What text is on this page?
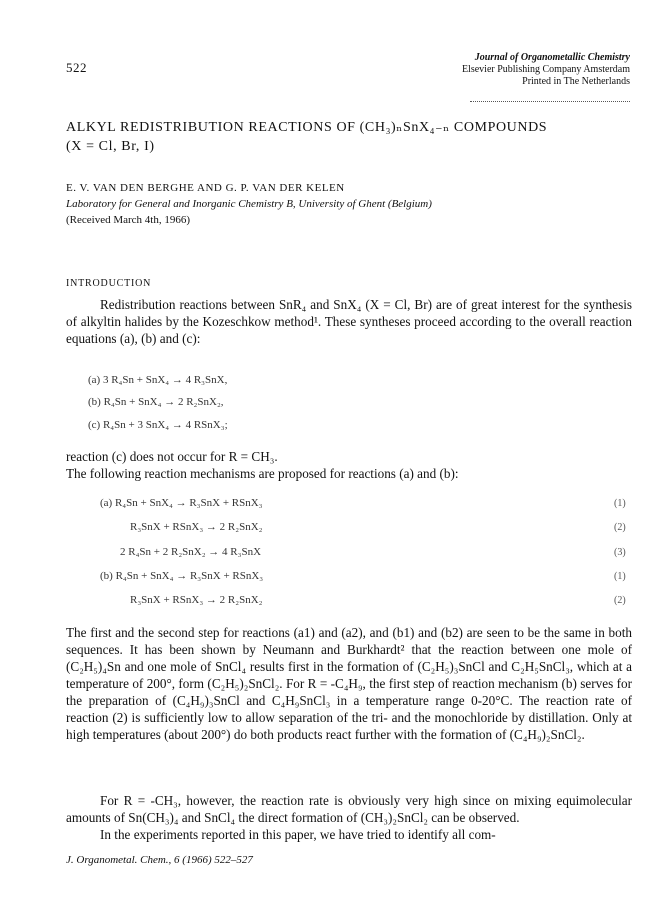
522
Journal of Organometallic Chemistry
Elsevier Publishing Company Amsterdam
Printed in The Netherlands
ALKYL REDISTRIBUTION REACTIONS OF (CH₃)ₙSnX₄₋ₙ COMPOUNDS
(X = Cl, Br, I)
E. V. VAN DEN BERGHE AND G. P. VAN DER KELEN
Laboratory for General and Inorganic Chemistry B, University of Ghent (Belgium)
(Received March 4th, 1966)
INTRODUCTION

Redistribution reactions between SnR₄ and SnX₄ (X = Cl, Br) are of great interest for the synthesis of alkyltin halides by the Kozeschkow method¹. These syntheses proceed according to the overall reaction equations (a), (b) and (c):

(a) 3 R₄Sn + SnX₄ → 4 R₃SnX,
(b) R₄Sn + SnX₄ → 2 R₂SnX₂,
(c) R₄Sn + 3 SnX₄ → 4 RSnX₃;

reaction (c) does not occur for R = CH₃.
The following reaction mechanisms are proposed for reactions (a) and (b):

(a) R₄Sn + SnX₄ → R₃SnX + RSnX₃	(1)
R₃SnX + RSnX₃ → 2 R₂SnX₂	(2)
2 R₄Sn + 2 R₂SnX₂ → 4 R₃SnX	(3)
(b) R₄Sn + SnX₄ → R₃SnX + RSnX₃	(1)
R₃SnX + RSnX₃ → 2 R₂SnX₂	(2)

The first and the second step for reactions (a1) and (a2), and (b1) and (b2) are seen to be the same in both sequences. It has been shown by Neumann and Burkhardt² that the reaction between one mole of (C₂H₅)₄Sn and one mole of SnCl₄ results first in the formation of (C₂H₅)₃SnCl and C₂H₅SnCl₃, which at a temperature of 200°, form (C₂H₅)₂SnCl₂. For R = -C₄H₉, the first step of reaction mechanism (b) serves for the preparation of (C₄H₉)₃SnCl and C₄H₉SnCl₃ in a temperature range 0-20°C. The reaction rate of reaction (2) is sufficiently low to allow separation of the tri- and the monochloride by distillation. Only at high temperatures (about 200°) do both products react further with the formation of (C₄H₉)₂SnCl₂.

For R = -CH₃, however, the reaction rate is obviously very high since on mixing equimolecular amounts of Sn(CH₃)₄ and SnCl₄ the direct formation of (CH₃)₂SnCl₂ can be observed.

In the experiments reported in this paper, we have tried to identify all com-

J. Organometal. Chem., 6 (1966) 522–527
